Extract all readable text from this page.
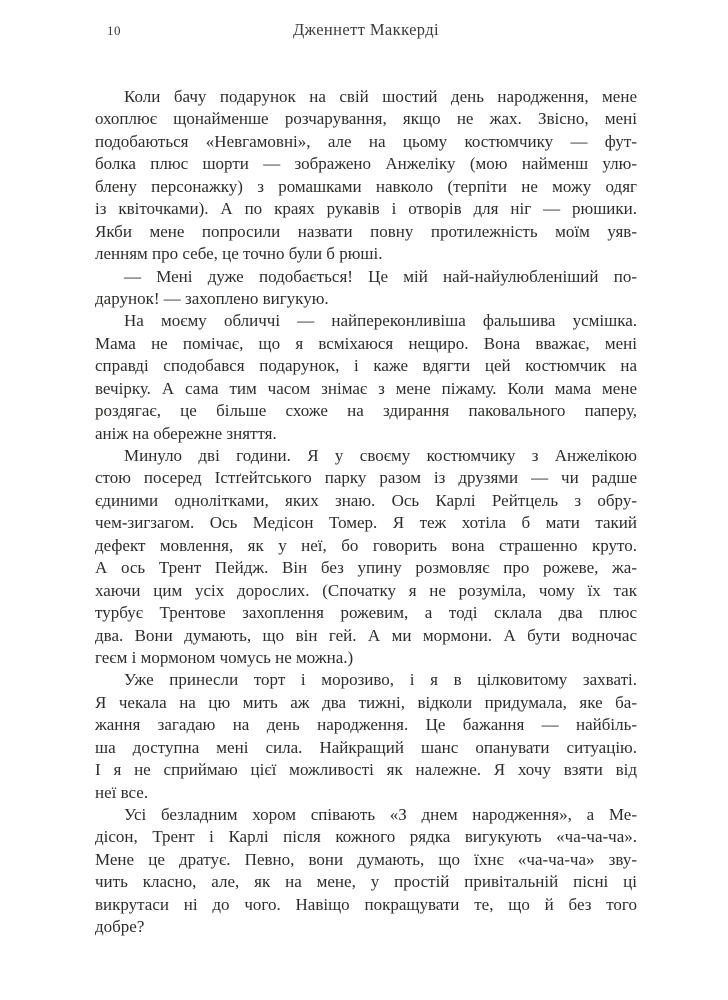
10	Дженнетт Маккерді
Коли бачу подарунок на свій шостий день народження, мене
охоплює щонайменше розчарування, якщо не жах. Звісно, мені
подобаються «Невгамовні», але на цьому костюмчику — фут-
болка плюс шорти — зображено Анжеліку (мою найменш улю-
блену персонажку) з ромашками навколо (терпіти не можу одяг
із квіточками). А по краях рукавів і отворів для ніг — рюшики.
Якби мене попросили назвати повну протилежність моїм уяв-
ленням про себе, це точно були б рюші.
— Мені дуже подобається! Це мій най-найулюбленіший по-
дарунок! — захоплено вигукую.
На моєму обличчі — найпереконливіша фальшива усмішка.
Мама не помічає, що я всміхаюся нещиро. Вона вважає, мені
справді сподобався подарунок, і каже вдягти цей костюмчик на
вечірку. А сама тим часом знімає з мене піжаму. Коли мама мене
роздягає, це більше схоже на здирання паковального паперу,
аніж на обережне зняття.
Минуло дві години. Я у своєму костюмчику з Анжелікою
стою посеред Істґейтського парку разом із друзями — чи радше
єдиними однолітками, яких знаю. Ось Карлі Рейтцель з обру-
чем-зигзагом. Ось Медісон Томер. Я теж хотіла б мати такий
дефект мовлення, як у неї, бо говорить вона страшенно круто.
А ось Трент Пейдж. Він без упину розмовляє про рожеве, жа-
хаючи цим усіх дорослих. (Спочатку я не розуміла, чому їх так
турбує Трентове захоплення рожевим, а тоді склала два плюс
два. Вони думають, що він гей. А ми мормони. А бути водночас
геєм і мормоном чомусь не можна.)
Уже принесли торт і морозиво, і я в цілковитому захваті.
Я чекала на цю мить аж два тижні, відколи придумала, яке ба-
жання загадаю на день народження. Це бажання — найбіль-
ша доступна мені сила. Найкращий шанс опанувати ситуацію.
І я не сприймаю цієї можливості як належне. Я хочу взяти від
неї все.
Усі безладним хором співають «З днем народження», а Ме-
дісон, Трент і Карлі після кожного рядка вигукують «ча-ча-ча».
Мене це дратує. Певно, вони думають, що їхнє «ча-ча-ча» зву-
чить класно, але, як на мене, у простій привітальній пісні ці
викрутаси ні до чого. Навіщо покращувати те, що й без того
добре?
